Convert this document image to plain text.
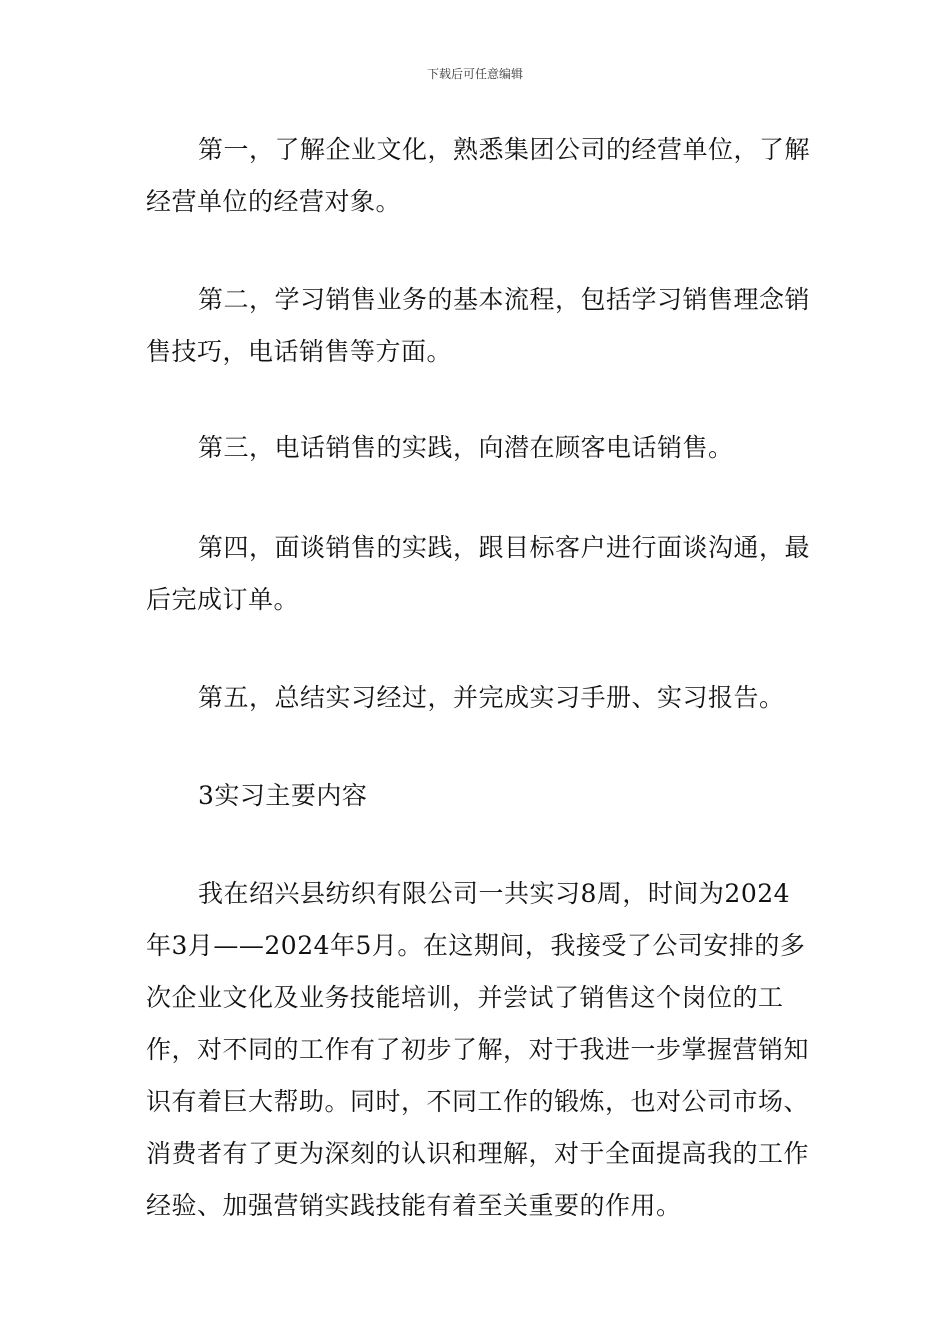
下载后可任意编辑

第一，了解企业文化，熟悉集团公司的经营单位，了解经营单位的经营对象。

第二，学习销售业务的基本流程，包括学习销售理念销售技巧，电话销售等方面。

第三，电话销售的实践，向潜在顾客电话销售。

第四，面谈销售的实践，跟目标客户进行面谈沟通，最后完成订单。

第五，总结实习经过，并完成实习手册、实习报告。

3实习主要内容

我在绍兴县纺织有限公司一共实习8周，时间为2024年3月——2024年5月。在这期间，我接受了公司安排的多次企业文化及业务技能培训，并尝试了销售这个岗位的工作，对不同的工作有了初步了解，对于我进一步掌握营销知识有着巨大帮助。同时，不同工作的锻炼，也对公司市场、消费者有了更为深刻的认识和理解，对于全面提高我的工作经验、加强营销实践技能有着至关重要的作用。
